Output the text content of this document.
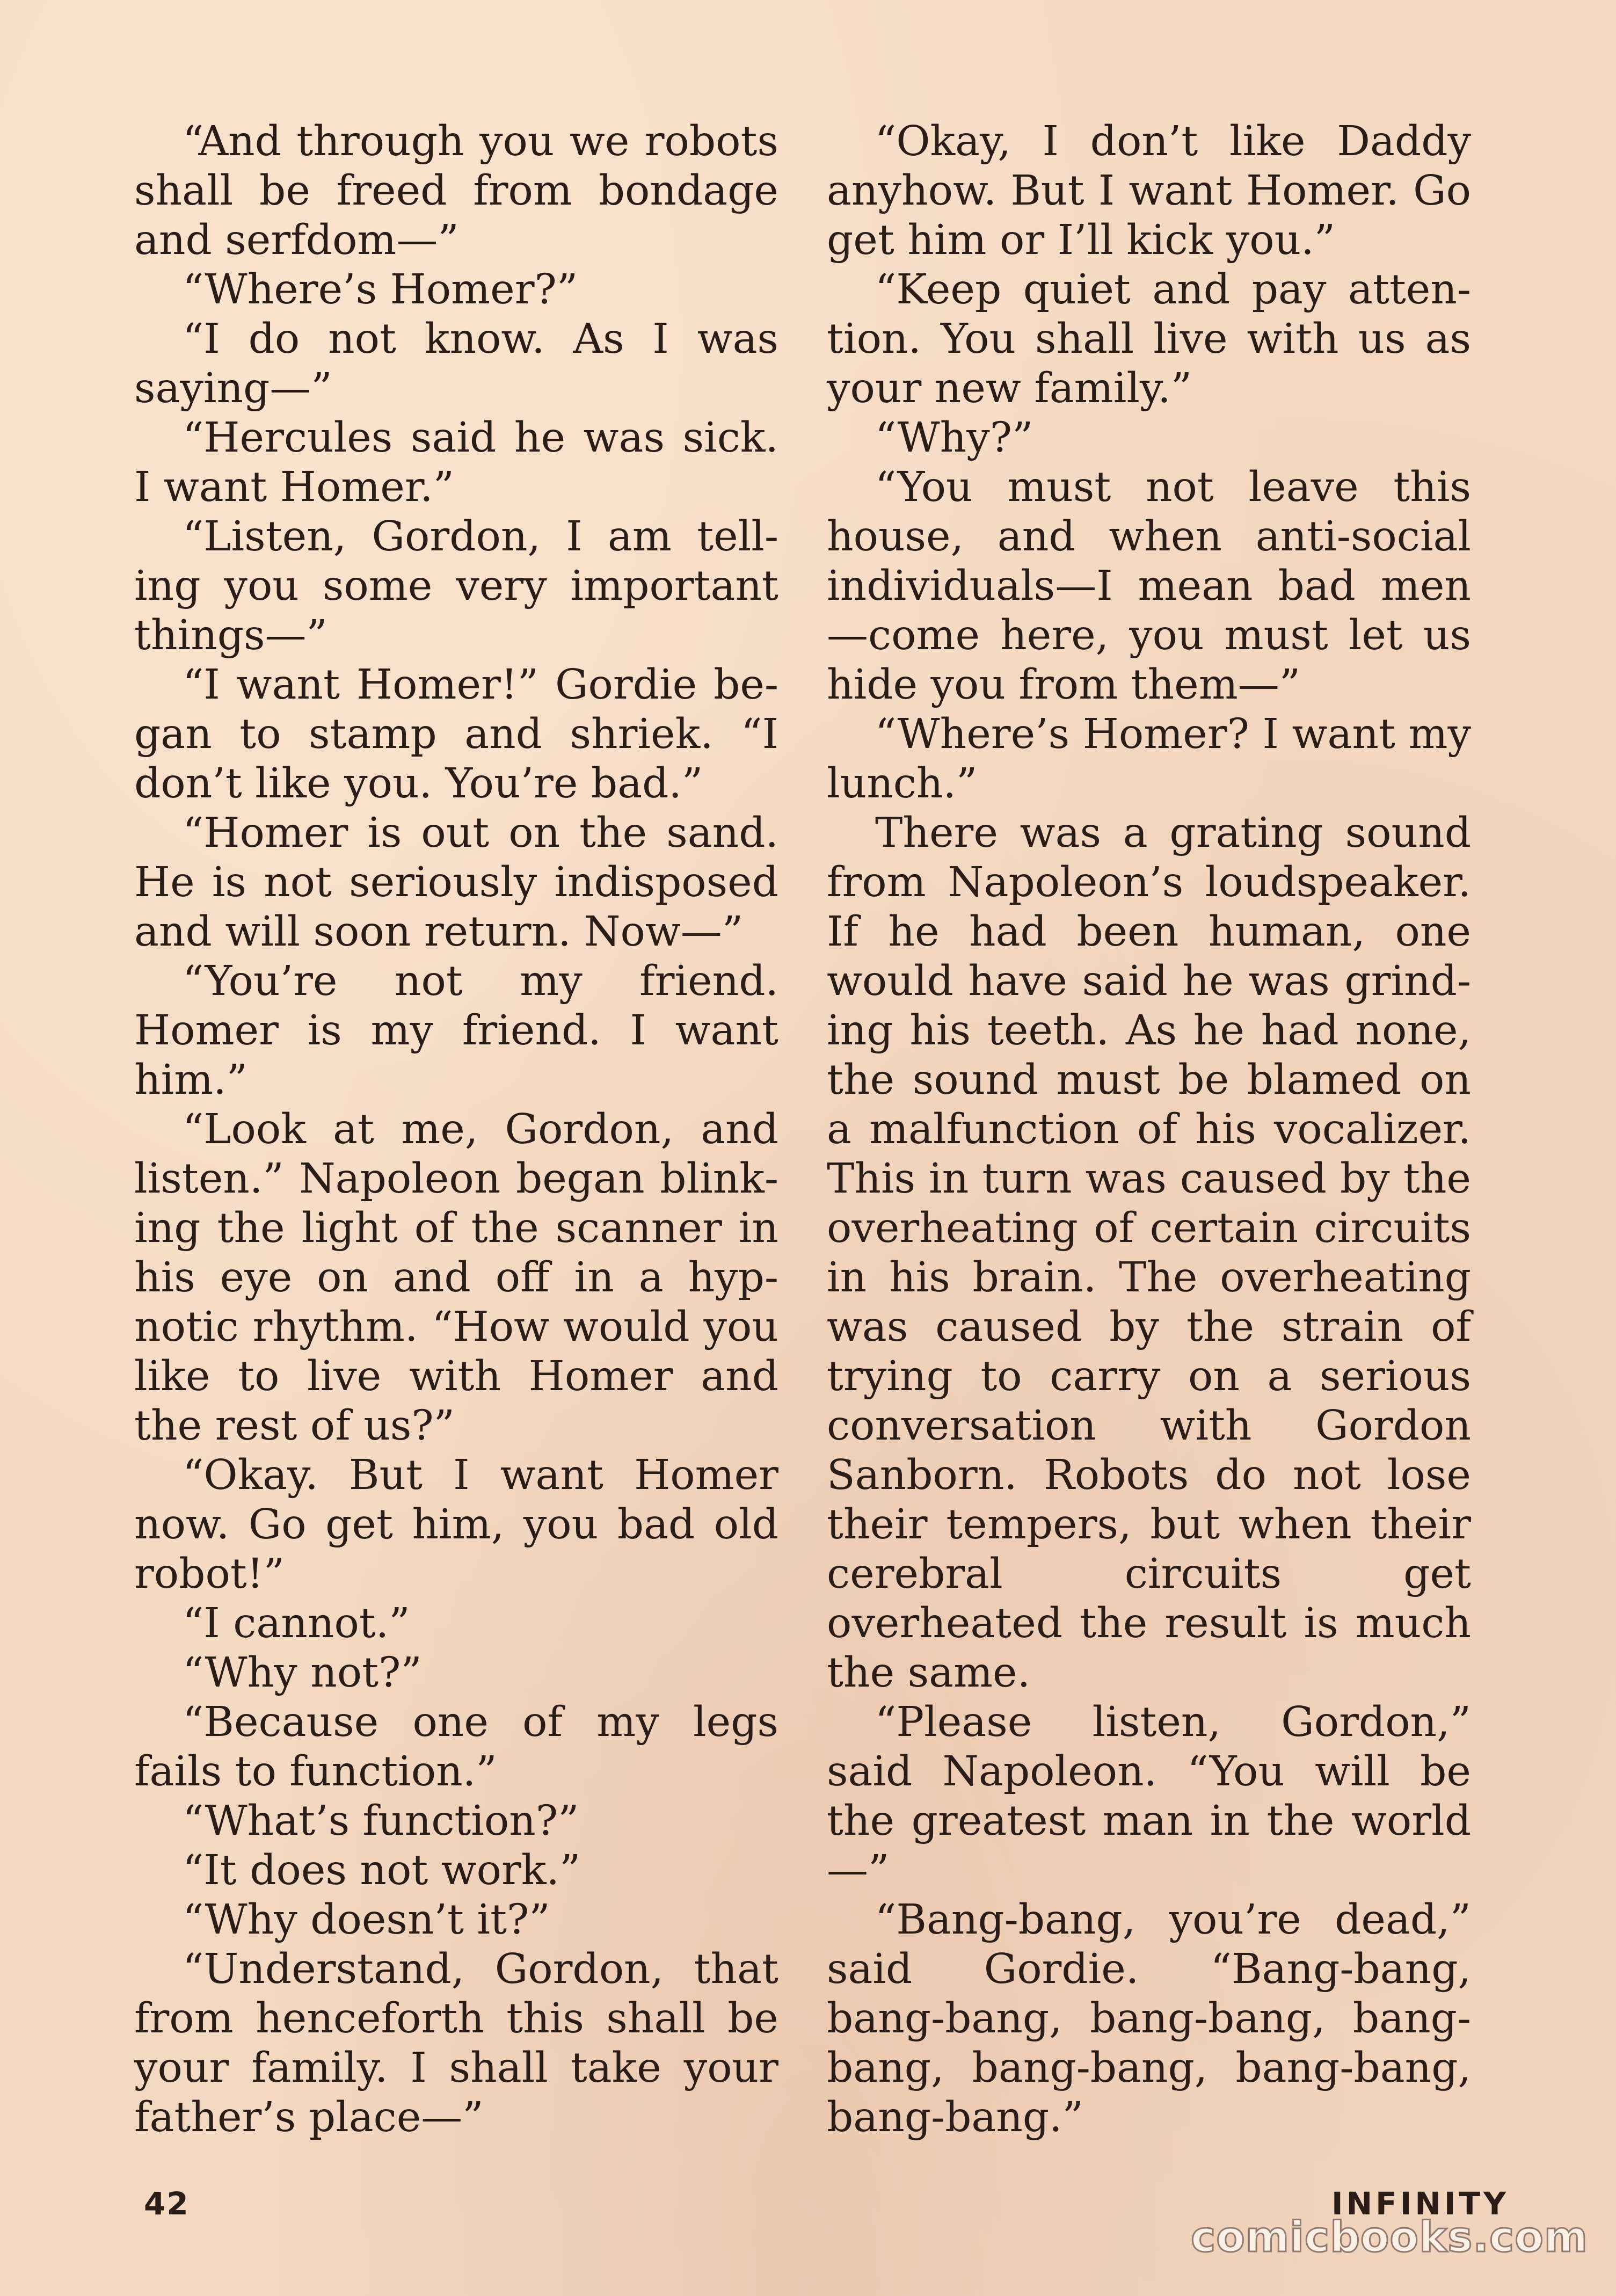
“And through you we robots shall be freed from bondage and serfdom—”

“Where’s Homer?”

“I do not know. As I was saying—”

“Hercules said he was sick. I want Homer.”

“Listen, Gordon, I am telling you some very important things—”

“I want Homer!” Gordie began to stamp and shriek. “I don’t like you. You’re bad.”

“Homer is out on the sand. He is not seriously indisposed and will soon return. Now—”

“You’re not my friend. Homer is my friend. I want him.”

“Look at me, Gordon, and listen.” Napoleon began blinking the light of the scanner in his eye on and off in a hypnotic rhythm. “How would you like to live with Homer and the rest of us?”

“Okay. But I want Homer now. Go get him, you bad old robot!”

“I cannot.”

“Why not?”

“Because one of my legs fails to function.”

“What’s function?”

“It does not work.”

“Why doesn’t it?”

“Understand, Gordon, that from henceforth this shall be your family. I shall take your father’s place—”

“Okay, I don’t like Daddy anyhow. But I want Homer. Go get him or I’ll kick you.”

“Keep quiet and pay attention. You shall live with us as your new family.”

“Why?”

“You must not leave this house, and when anti-social individuals—I mean bad men —come here, you must let us hide you from them—”

“Where’s Homer? I want my lunch.”

There was a grating sound from Napoleon’s loudspeaker. If he had been human, one would have said he was grinding his teeth. As he had none, the sound must be blamed on a malfunction of his vocalizer. This in turn was caused by the overheating of certain circuits in his brain. The overheating was caused by the strain of trying to carry on a serious conversation with Gordon Sanborn. Robots do not lose their tempers, but when their cerebral circuits get overheated the result is much the same.

“Please listen, Gordon,” said Napoleon. “You will be the greatest man in the world—”

“Bang-bang, you’re dead,” said Gordie. “Bang-bang, bang-bang, bang-bang, bang-bang, bang-bang, bang-bang, bang-bang.”

42	INFINITY
comicbooks.com
